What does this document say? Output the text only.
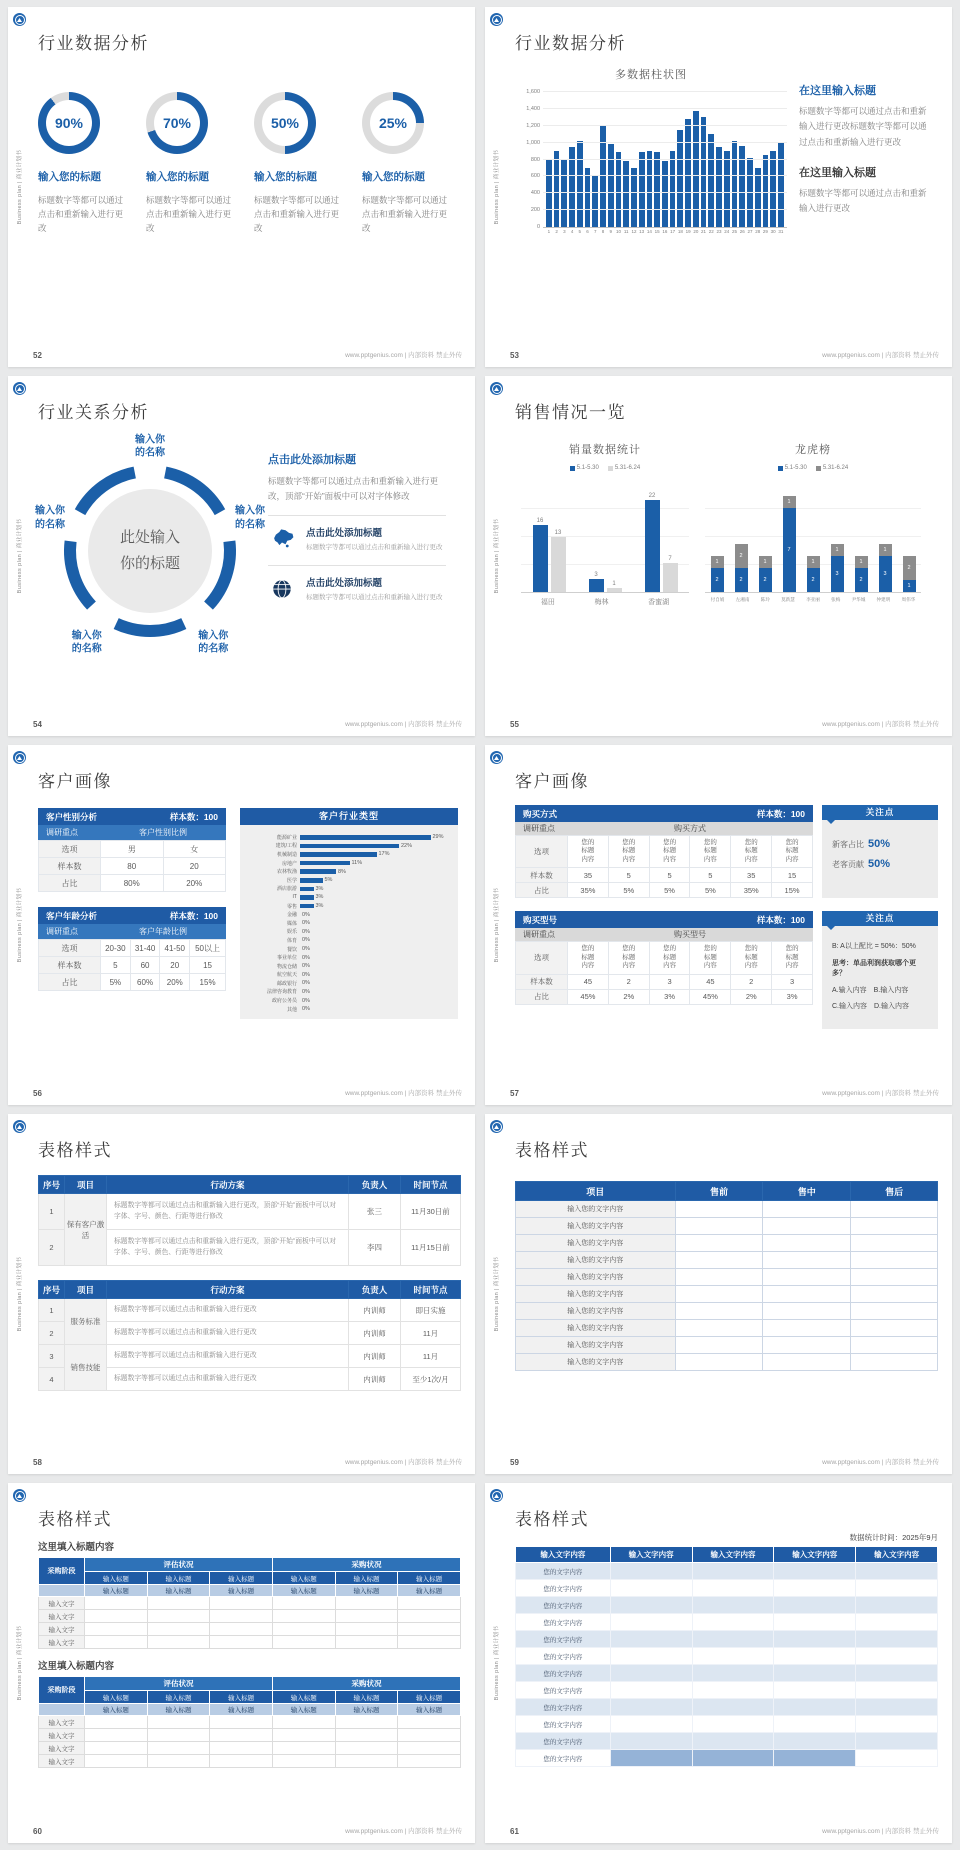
Business plan | 商业计划书
行业数据分析
90%
输入您的标题
标题数字等都可以通过点击和重新输入进行更改
70%
输入您的标题
标题数字等都可以通过点击和重新输入进行更改
50%
输入您的标题
标题数字等都可以通过点击和重新输入进行更改
25%
输入您的标题
标题数字等都可以通过点击和重新输入进行更改
52	www.pptgenius.com | 内部资料 禁止外传
Business plan | 商业计划书
行业数据分析
多数据柱状图
0
200
400
600
800
1,000
1,200
1,400
1,600
1	2	3	4	5	6	7	8	9 10 11 12 13 14 15 16 17 18 19 20 21 22 23 24 25 26 27 28 29 30 31
在这里输入标题
标题数字等都可以通过点击和重新输入进行更改标题数字等都可以通过点击和重新输入进行更改
在这里输入标题
标题数字等都可以通过点击和重新输入进行更改
53	www.pptgenius.com | 内部资料 禁止外传
Business plan | 商业计划书
行业关系分析
此处输入你的标题
输入你的名称
输入你的名称
输入你的名称
输入你的名称
输入你的名称
点击此处添加标题
标题数字等都可以通过点击和重新输入进行更改，顶部“开始”面板中可以对字体修改
点击此处添加标题
标题数字等都可以通过点击和重新输入进行更改
点击此处添加标题
标题数字等都可以通过点击和重新输入进行更改
54	www.pptgenius.com | 内部资料 禁止外传
Business plan | 商业计划书
销售情况一览
销量数据统计
5.1-5.30	5.31-6.24
16
13
3
1
22
7
福田	梅林	香蜜湖
龙虎榜
5.1-5.30	5.31-6.24
1
2
2
2
1
2
1
7
1
2
1
3
1
2
1
3
2
1
付自娟 左湘南 陈玲 莫新慧 李亚丽 张梅 尹华城 仲建明 周伟华
55	www.pptgenius.com | 内部资料 禁止外传
Business plan | 商业计划书
客户画像
客户性别分析	样本数：100
调研重点	客户性别比例
选项	男	女
样本数	80	20
占比	80%	20%
客户年龄分析	样本数：100
调研重点	客户年龄比例
选项	20-30	31-40	41-50	50以上
样本数	5	60	20	15
占比	5%	60%	20%	15%
客户行业类型
能源矿业	29%
建筑/工程	22%
机械制造	17%
房地产	11%
农林牧渔	8%
医学	5%
酒店旅游	3%
IT	3%
零售	3%
金融 0%
媒体 0%
娱乐 0%
体育 0%
餐饮 0%
事业单位 0%
物流仓储 0%
航空航天 0%
邮政银行 0%
法律咨询教育 0%
政府公务员 0%
其他 0%
56	www.pptgenius.com | 内部资料 禁止外传
Business plan | 商业计划书
客户画像
购买方式	样本数：100
调研重点	购买方式
选项	您的标题内容	您的标题内容	您的标题内容	您的标题内容	您的标题内容	您的标题内容
样本数	35	5	5	5	35	15
占比	35%	5%	5%	5%	35%	15%
关注点
新客占比 50%
老客贡献 50%
购买型号	样本数：100
调研重点	购买型号
选项	您的标题内容	您的标题内容	您的标题内容	您的标题内容	您的标题内容	您的标题内容
样本数	45	2	3	45	2	3
占比	45%	2%	3%	45%	2%	3%
关注点
B: A以上配比 = 50%：50%
思考：单品利润获取哪个更多？
A.输入内容　B.输入内容
C.输入内容　D.输入内容
57	www.pptgenius.com | 内部资料 禁止外传
Business plan | 商业计划书
表格样式
序号	项目	行动方案	负责人	时间节点
1	保有客户激活	标题数字等都可以通过点击和重新输入进行更改，顶部“开始”面板中可以对字体、字号、颜色、行距等进行修改	张三	11月30日前
2		标题数字等都可以通过点击和重新输入进行更改，顶部“开始”面板中可以对字体、字号、颜色、行距等进行修改	李四	11月15日前
序号	项目	行动方案	负责人	时间节点
1	服务标准	标题数字等都可以通过点击和重新输入进行更改	内训师	即日实施
2		标题数字等都可以通过点击和重新输入进行更改	内训师	11月
3	销售技能	标题数字等都可以通过点击和重新输入进行更改	内训师	11月
4		标题数字等都可以通过点击和重新输入进行更改	内训师	至少1次/月
58	www.pptgenius.com | 内部资料 禁止外传
Business plan | 商业计划书
表格样式
项目	售前	售中	售后
输入您的文字内容			
输入您的文字内容			
输入您的文字内容			
输入您的文字内容			
输入您的文字内容			
输入您的文字内容			
输入您的文字内容			
输入您的文字内容			
输入您的文字内容			
输入您的文字内容			
59	www.pptgenius.com | 内部资料 禁止外传
Business plan | 商业计划书
表格样式
这里填入标题内容
采购阶段	评估状况			采购状况		
	输入标题	输入标题	输入标题	输入标题	输入标题	输入标题
	输入标题	输入标题	输入标题	输入标题	输入标题	输入标题
输入文字						
输入文字						
输入文字						
输入文字						
这里填入标题内容
采购阶段	评估状况			采购状况		
	输入标题	输入标题	输入标题	输入标题	输入标题	输入标题
	输入标题	输入标题	输入标题	输入标题	输入标题	输入标题
输入文字						
输入文字						
输入文字						
输入文字						
60	www.pptgenius.com | 内部资料 禁止外传
Business plan | 商业计划书
表格样式
数据统计时间：2025年9月
输入文字内容	输入文字内容	输入文字内容	输入文字内容	输入文字内容
您的文字内容				
您的文字内容				
您的文字内容				
您的文字内容				
您的文字内容				
您的文字内容				
您的文字内容				
您的文字内容				
您的文字内容				
您的文字内容				
您的文字内容				
您的文字内容				
61	www.pptgenius.com | 内部资料 禁止外传
